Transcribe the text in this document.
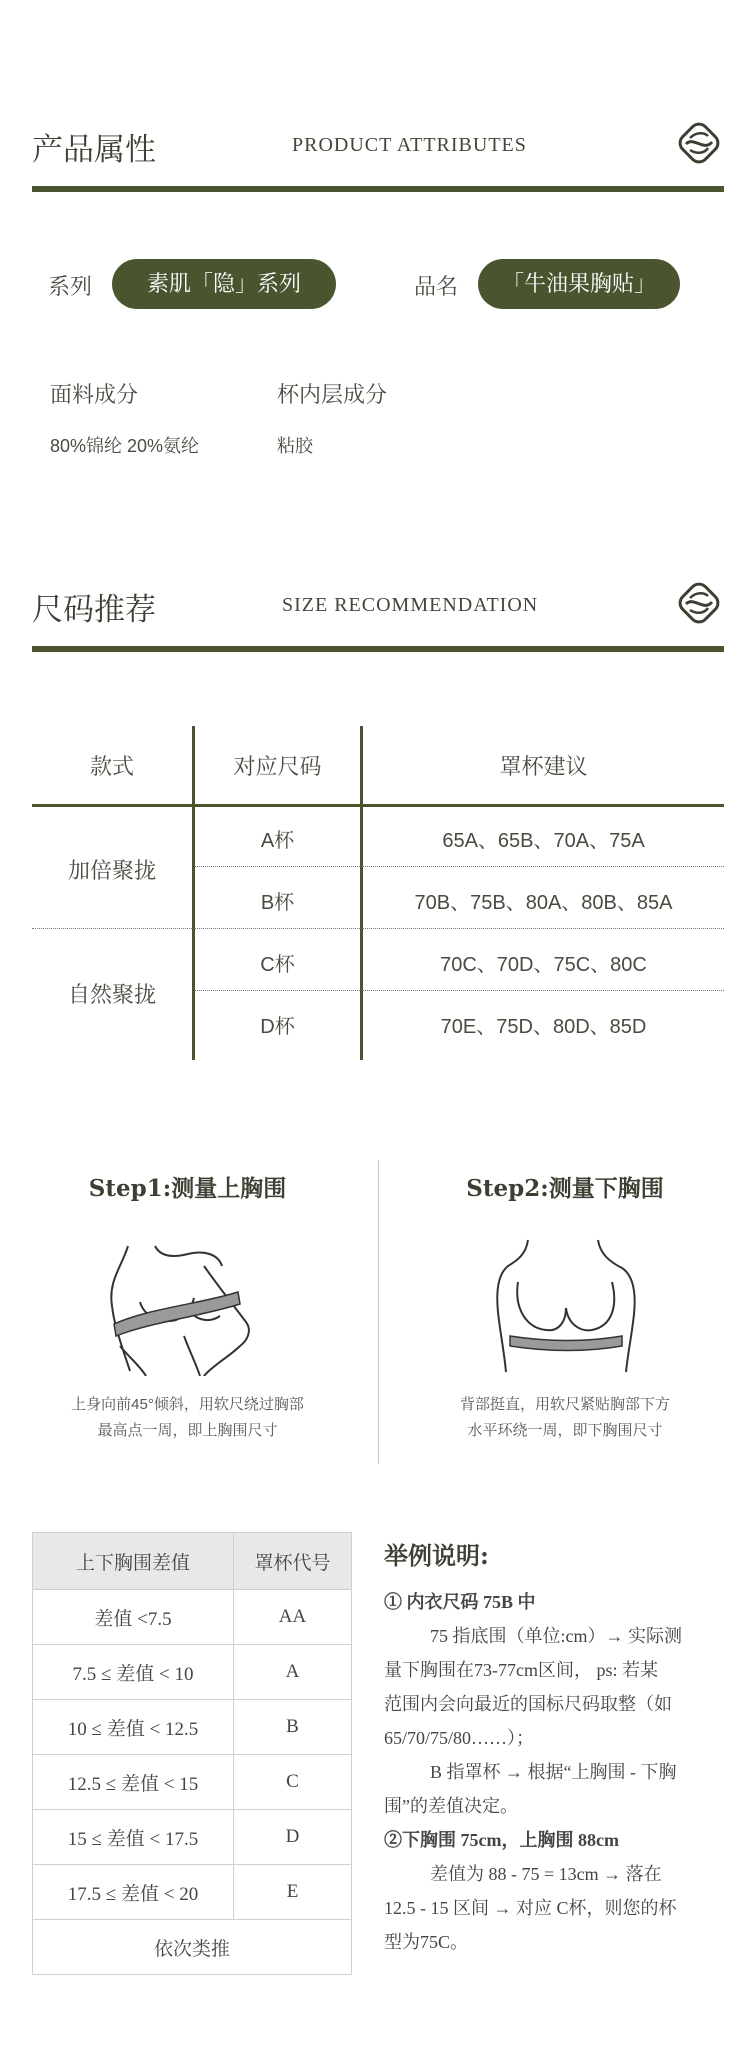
产品属性	PRODUCT ATTRIBUTES
系列	素肌「隐」系列	品名	「牛油果胸贴」
面料成分
80%锦纶 20%氨纶
杯内层成分
粘胶
尺码推荐	SIZE RECOMMENDATION
款式	对应尺码	罩杯建议
加倍聚拢
A杯	65A、65B、70A、75A
B杯	70B、75B、80A、80B、85A
自然聚拢
C杯	70C、70D、75C、80C
D杯	70E、75D、80D、85D
Step1:测量上胸围
上身向前45°倾斜，用软尺绕过胸部
最高点一周，即上胸围尺寸
Step2:测量下胸围
背部挺直，用软尺紧贴胸部下方
水平环绕一周，即下胸围尺寸
上下胸围差值	罩杯代号
差值 <7.5	AA
7.5 ≤ 差值 < 10	A
10 ≤ 差值 < 12.5	B
12.5 ≤ 差值 < 15	C
15 ≤ 差值 < 17.5	D
17.5 ≤ 差值 < 20	E
依次类推	
举例说明:
① 内衣尺码 75B 中
75 指底围（单位:cm）→ 实际测
量下胸围在73-77cm区间， ps: 若某
范围内会向最近的国标尺码取整（如
65/70/75/80……）；
B 指罩杯 → 根据“上胸围 - 下胸
围”的差值决定。
②下胸围 75cm，上胸围 88cm
差值为 88 - 75 = 13cm → 落在
12.5 - 15 区间 → 对应 C杯，则您的杯
型为75C。
